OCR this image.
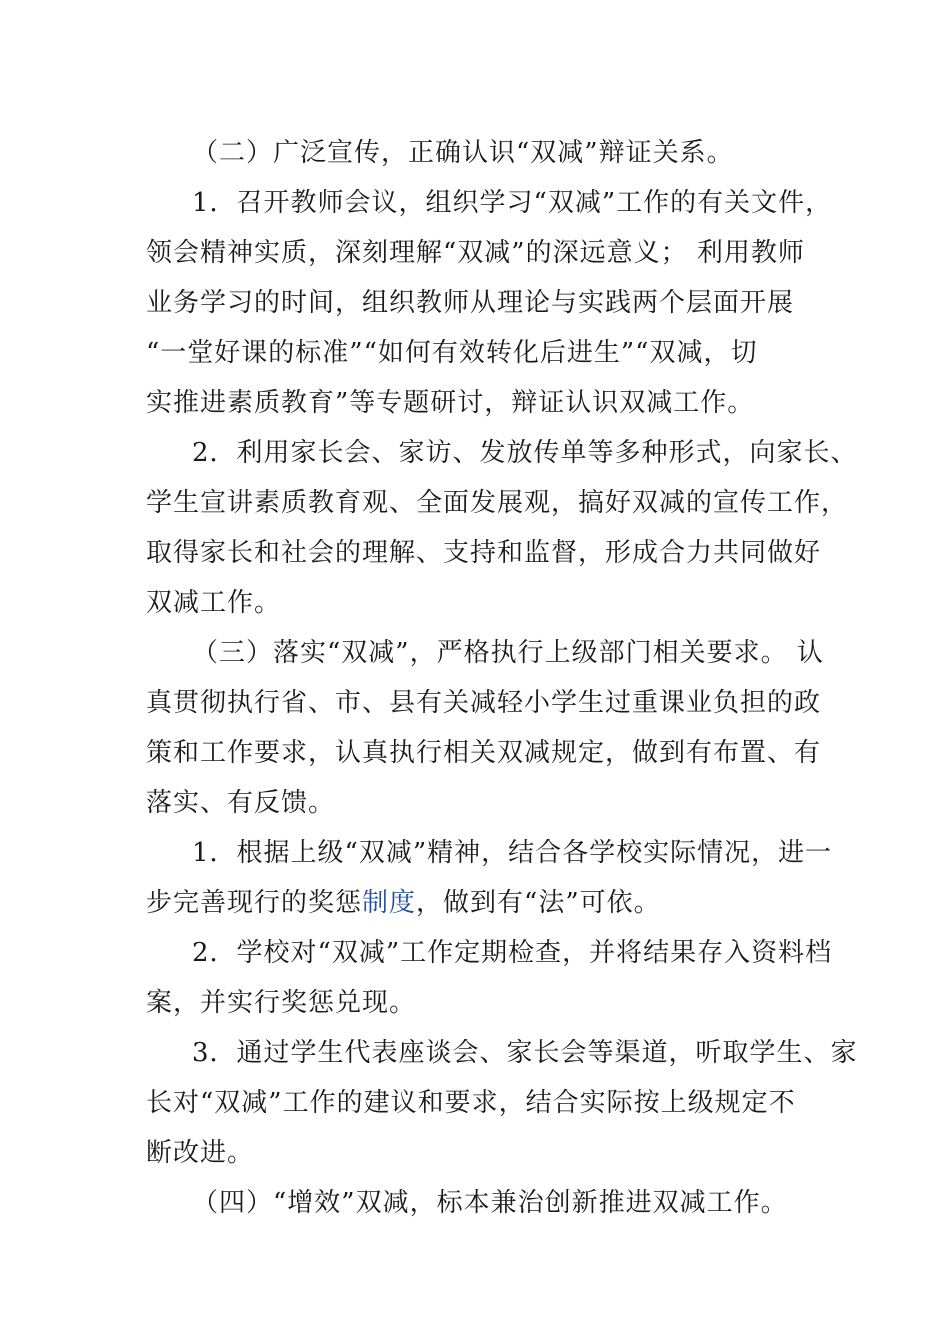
（二）广泛宣传，正确认识“双减”辩证关系。
1．召开教师会议，组织学习“双减”工作的有关文件，
领会精神实质，深刻理解“双减”的深远意义； 利用教师
业务学习的时间，组织教师从理论与实践两个层面开展
“一堂好课的标准”“如何有效转化后进生”“双减，切
实推进素质教育”等专题研讨，辩证认识双减工作。
2．利用家长会、家访、发放传单等多种形式，向家长、
学生宣讲素质教育观、全面发展观，搞好双减的宣传工作，
取得家长和社会的理解、支持和监督，形成合力共同做好
双减工作。
（三）落实“双减”，严格执行上级部门相关要求。 认
真贯彻执行省、市、县有关减轻小学生过重课业负担的政
策和工作要求，认真执行相关双减规定，做到有布置、有
落实、有反馈。
1．根据上级“双减”精神，结合各学校实际情况，进一
步完善现行的奖惩制度，做到有“法”可依。
2．学校对“双减”工作定期检查，并将结果存入资料档
案，并实行奖惩兑现。
3．通过学生代表座谈会、家长会等渠道，听取学生、家
长对“双减”工作的建议和要求，结合实际按上级规定不
断改进。
（四）“增效”双减，标本兼治创新推进双减工作。
